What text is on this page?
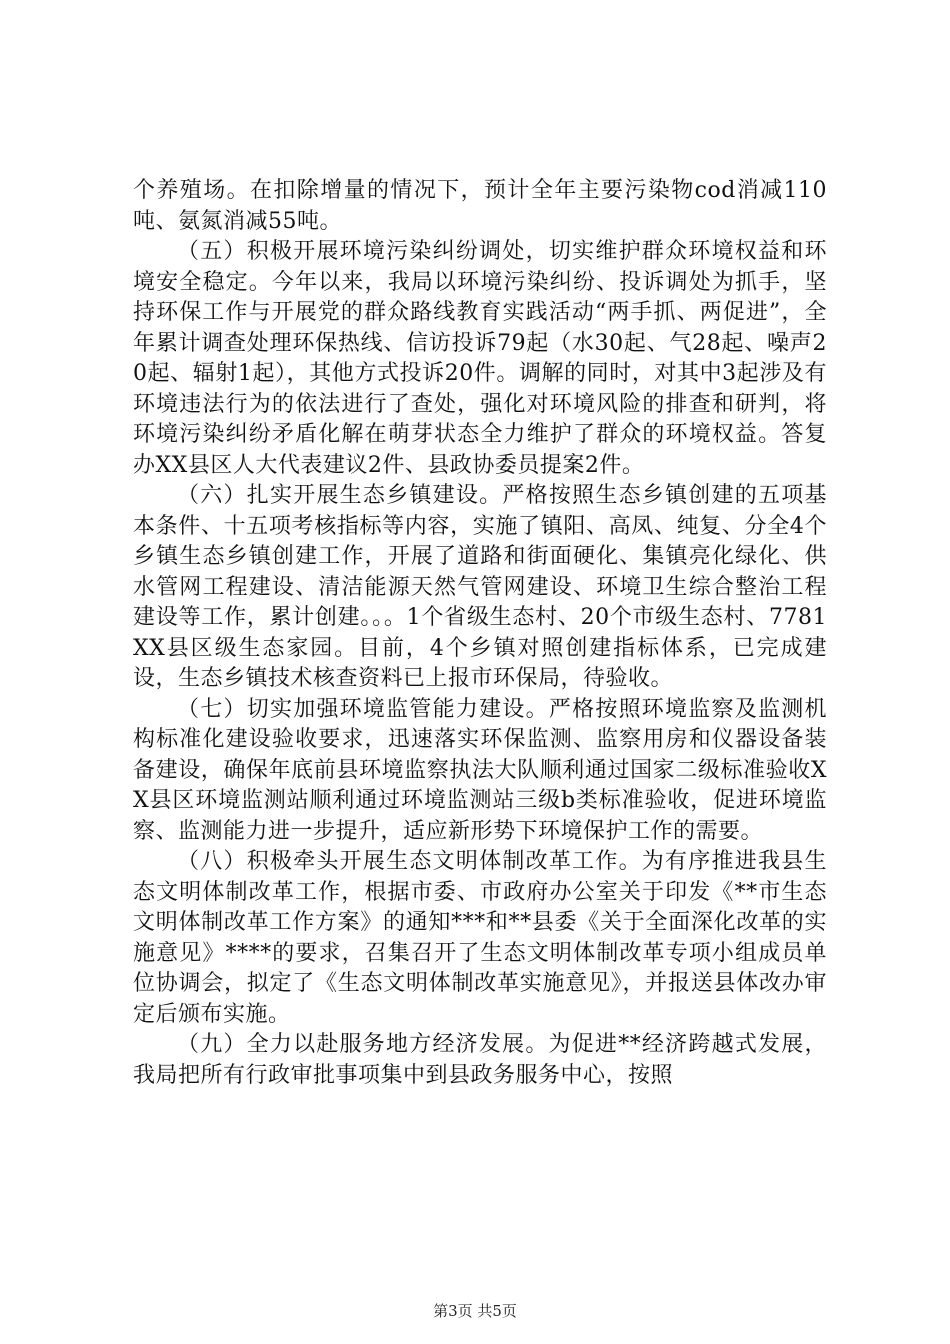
个养殖场。在扣除增量的情况下，预计全年主要污染物cod消减110吨、氨氮消减55吨。

（五）积极开展环境污染纠纷调处，切实维护群众环境权益和环境安全稳定。今年以来，我局以环境污染纠纷、投诉调处为抓手，坚持环保工作与开展党的群众路线教育实践活动“两手抓、两促进”，全年累计调查处理环保热线、信访投诉79起（水30起、气28起、噪声20起、辐射1起），其他方式投诉20件。调解的同时，对其中3起涉及有环境违法行为的依法进行了查处，强化对环境风险的排查和研判，将环境污染纠纷矛盾化解在萌芽状态全力维护了群众的环境权益。答复办XX县区人大代表建议2件、县政协委员提案2件。

（六）扎实开展生态乡镇建设。严格按照生态乡镇创建的五项基本条件、十五项考核指标等内容，实施了镇阳、高凤、纯复、分全4个乡镇生态乡镇创建工作，开展了道路和街面硬化、集镇亮化绿化、供水管网工程建设、清洁能源天然气管网建设、环境卫生综合整治工程建设等工作，累计创建。。。1个省级生态村、20个市级生态村、7781XX县区级生态家园。目前，4个乡镇对照创建指标体系，已完成建设，生态乡镇技术核查资料已上报市环保局，待验收。

（七）切实加强环境监管能力建设。严格按照环境监察及监测机构标准化建设验收要求，迅速落实环保监测、监察用房和仪器设备装备建设，确保年底前县环境监察执法大队顺利通过国家二级标准验收XX县区环境监测站顺利通过环境监测站三级b类标准验收，促进环境监察、监测能力进一步提升，适应新形势下环境保护工作的需要。

（八）积极牵头开展生态文明体制改革工作。为有序推进我县生态文明体制改革工作，根据市委、市政府办公室关于印发《**市生态文明体制改革工作方案》的通知***和**县委《关于全面深化改革的实施意见》****的要求，召集召开了生态文明体制改革专项小组成员单位协调会，拟定了《生态文明体制改革实施意见》，并报送县体改办审定后颁布实施。

（九）全力以赴服务地方经济发展。为促进**经济跨越式发展，我局把所有行政审批事项集中到县政务服务中心，按照

第3页 共5页
